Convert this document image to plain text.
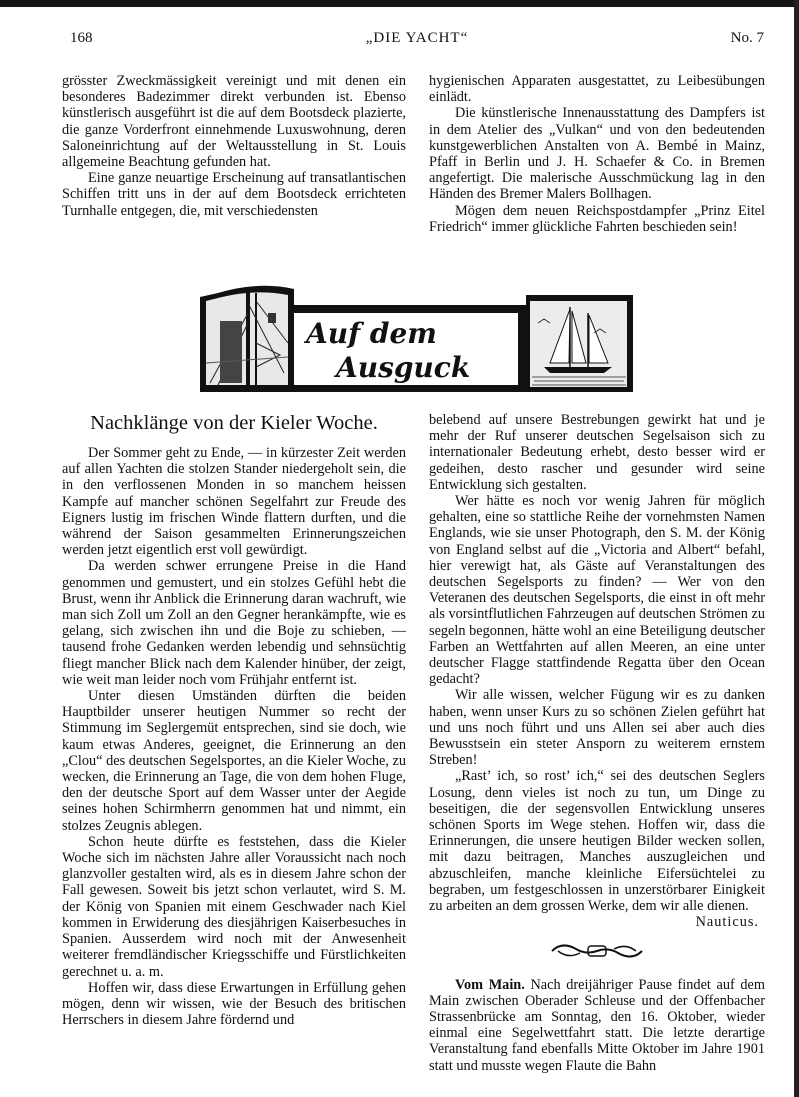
168	„DIE YACHT“	No. 7

grösster Zweckmässigkeit vereinigt und mit denen ein besonderes Badezimmer direkt verbunden ist. Ebenso künstlerisch ausgeführt ist die auf dem Bootsdeck plazierte, die ganze Vorderfront einnehmende Luxuswohnung, deren Saloneinrichtung auf der Weltausstellung in St. Louis allgemeine Beachtung gefunden hat.

Eine ganze neuartige Erscheinung auf transatlantischen Schiffen tritt uns in der auf dem Bootsdeck errichteten Turnhalle entgegen, die, mit verschiedensten

hygienischen Apparaten ausgestattet, zu Leibesübungen einlädt.

Die künstlerische Innenausstattung des Dampfers ist in dem Atelier des „Vulkan“ und von den bedeutenden kunstgewerblichen Anstalten von A. Bembé in Mainz, Pfaff in Berlin und J. H. Schaefer & Co. in Bremen angefertigt. Die malerische Ausschmückung lag in den Händen des Bremer Malers Bollhagen.

Mögen dem neuen Reichspostdampfer „Prinz Eitel Friedrich“ immer glückliche Fahrten beschieden sein!

Auf dem
Ausguck

Der Sommer geht zu Ende, — in kürzester Zeit werden auf allen Yachten die stolzen Stander niedergeholt sein, die in den verflossenen Monden in so manchem heissen Kampfe auf mancher schönen Segelfahrt zur Freude des Eigners lustig im frischen Winde flattern durften, und die während der Saison gesammelten Erinnerungszeichen werden jetzt eigentlich erst voll gewürdigt.

Da werden schwer errungene Preise in die Hand genommen und gemustert, und ein stolzes Gefühl hebt die Brust, wenn ihr Anblick die Erinnerung daran wachruft, wie man sich Zoll um Zoll an den Gegner herankämpfte, wie es gelang, sich zwischen ihn und die Boje zu schieben, — tausend frohe Gedanken werden lebendig und sehnsüchtig fliegt mancher Blick nach dem Kalender hinüber, der zeigt, wie weit man leider noch vom Frühjahr entfernt ist.

Unter diesen Umständen dürften die beiden Hauptbilder unserer heutigen Nummer so recht der Stimmung im Seglergemüt entsprechen, sind sie doch, wie kaum etwas Anderes, geeignet, die Erinnerung an den „Clou“ des deutschen Segelsportes, an die Kieler Woche, zu wecken, die Erinnerung an Tage, die von dem hohen Fluge, den der deutsche Sport auf dem Wasser unter der Aegide seines hohen Schirmherrn genommen hat und nimmt, ein stolzes Zeugnis ablegen.

Schon heute dürfte es feststehen, dass die Kieler Woche sich im nächsten Jahre aller Voraussicht nach noch glanzvoller gestalten wird, als es in diesem Jahre schon der Fall gewesen. Soweit bis jetzt schon verlautet, wird S. M. der König von Spanien mit einem Geschwader nach Kiel kommen in Erwiderung des diesjährigen Kaiserbesuches in Spanien. Ausserdem wird noch mit der Anwesenheit weiterer fremdländischer Kriegsschiffe und Fürstlichkeiten gerechnet u. a. m.

Hoffen wir, dass diese Erwartungen in Erfüllung gehen mögen, denn wir wissen, wie der Besuch des britischen Herrschers in diesem Jahre fördernd und

belebend auf unsere Bestrebungen gewirkt hat und je mehr der Ruf unserer deutschen Segelsaison sich zu internationaler Bedeutung erhebt, desto besser wird er gedeihen, desto rascher und gesunder wird seine Entwicklung sich gestalten.

Wer hätte es noch vor wenig Jahren für möglich gehalten, eine so stattliche Reihe der vornehmsten Namen Englands, wie sie unser Photograph, den S. M. der König von England selbst auf die „Victoria and Albert“ befahl, hier verewigt hat, als Gäste auf Veranstaltungen des deutschen Segelsports zu finden? — Wer von den Veteranen des deutschen Segelsports, die einst in oft mehr als vorsintflutlichen Fahrzeugen auf deutschen Strömen zu segeln begonnen, hätte wohl an eine Beteiligung deutscher Farben an Wettfahrten auf allen Meeren, an eine unter deutscher Flagge stattfindende Regatta über den Ocean gedacht?

Wir alle wissen, welcher Fügung wir es zu danken haben, wenn unser Kurs zu so schönen Zielen geführt hat und uns noch führt und uns Allen sei aber auch dies Bewusstsein ein steter Ansporn zu weiterem ernstem Streben!

„Rast’ ich, so rost’ ich,“ sei des deutschen Seglers Losung, denn vieles ist noch zu tun, um Dinge zu beseitigen, die der segensvollen Entwicklung unseres schönen Sports im Wege stehen. Hoffen wir, dass die Erinnerungen, die unsere heutigen Bilder wecken sollen, mit dazu beitragen, Manches auszugleichen und abzuschleifen, manche kleinliche Eifersüchtelei zu begraben, um festgeschlossen in unzerstörbarer Einigkeit zu arbeiten an dem grossen Werke, dem wir alle dienen.

Nauticus.

Vom Main. Nach dreijähriger Pause findet auf dem Main zwischen Oberader Schleuse und der Offenbacher Strassenbrücke am Sonntag, den 16. Oktober, wieder einmal eine Segelwettfahrt statt. Die letzte derartige Veranstaltung fand ebenfalls Mitte Oktober im Jahre 1901 statt und musste wegen Flaute die Bahn

Nachklänge von der Kieler Woche.
